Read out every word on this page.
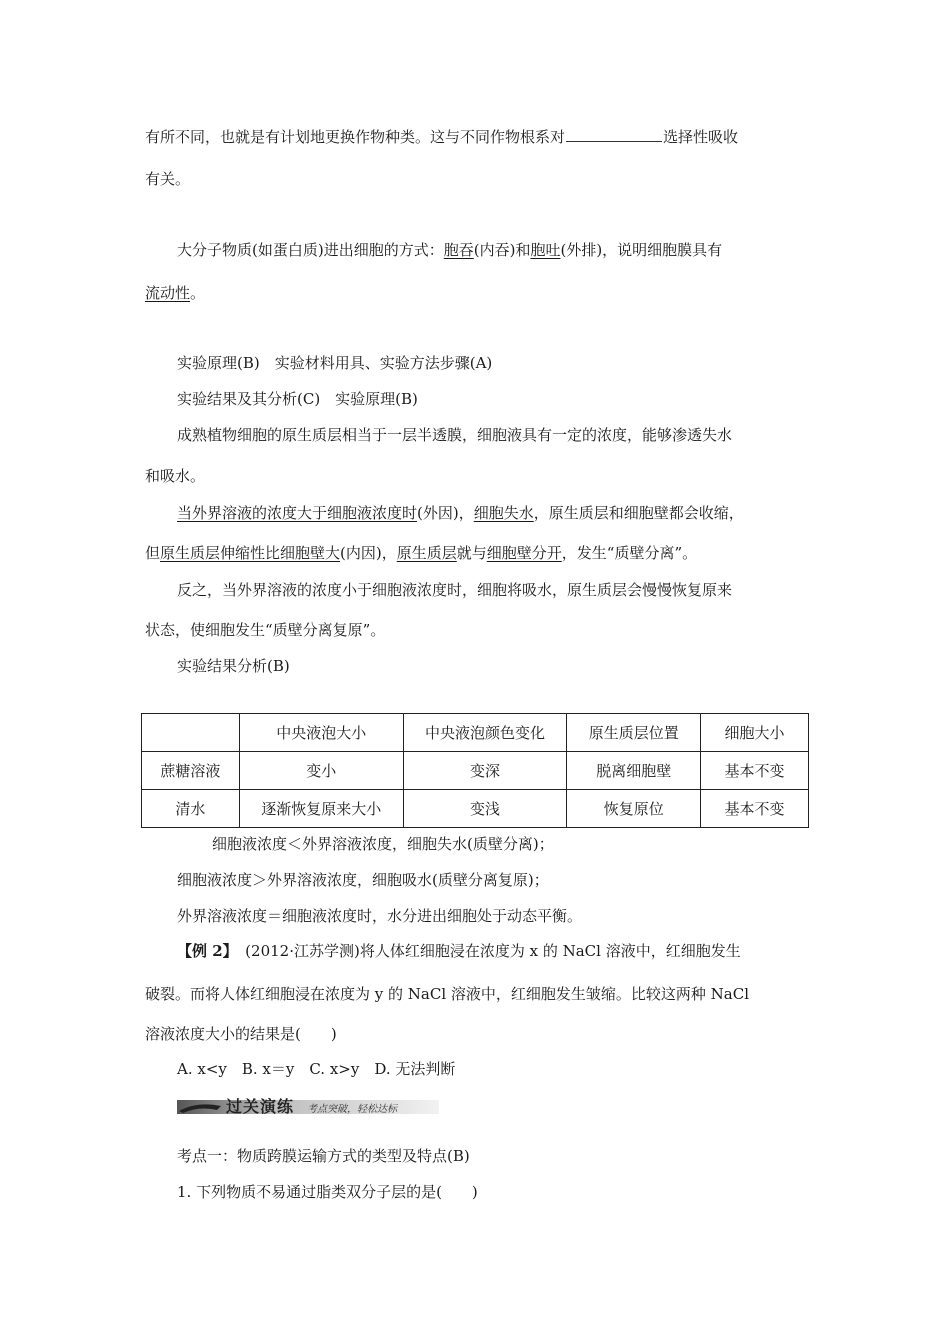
有所不同，也就是有计划地更换作物种类。这与不同作物根系对	选择性吸收
有关。
大分子物质(如蛋白质)进出细胞的方式：胞吞(内吞)和胞吐(外排)，说明细胞膜具有
流动性。
实验原理(B)　实验材料用具、实验方法步骤(A)
实验结果及其分析(C)　实验原理(B)
成熟植物细胞的原生质层相当于一层半透膜，细胞液具有一定的浓度，能够渗透失水
和吸水。
当外界溶液的浓度大于细胞液浓度时(外因)，细胞失水，原生质层和细胞壁都会收缩，
但原生质层伸缩性比细胞壁大(内因)，原生质层就与细胞壁分开，发生“质壁分离”。
反之，当外界溶液的浓度小于细胞液浓度时，细胞将吸水，原生质层会慢慢恢复原来
状态，使细胞发生“质壁分离复原”。
实验结果分析(B)
	中央液泡大小	中央液泡颜色变化	原生质层位置	细胞大小
蔗糖溶液	变小	变深	脱离细胞壁	基本不变
清水	逐渐恢复原来大小	变浅	恢复原位	基本不变
细胞液浓度＜外界溶液浓度，细胞失水(质壁分离)；
细胞液浓度＞外界溶液浓度，细胞吸水(质壁分离复原)；
外界溶液浓度＝细胞液浓度时，水分进出细胞处于动态平衡。
【例 2】　(2012·江苏学测)将人体红细胞浸在浓度为 x 的 NaCl 溶液中，红细胞发生
破裂。而将人体红细胞浸在浓度为 y 的 NaCl 溶液中，红细胞发生皱缩。比较这两种 NaCl
溶液浓度大小的结果是(　　)
A. x<y　B. x＝y　C. x>y　D. 无法判断
过关演练 考点突破，轻松达标
考点一：物质跨膜运输方式的类型及特点(B)
1. 下列物质不易通过脂类双分子层的是(　　)
